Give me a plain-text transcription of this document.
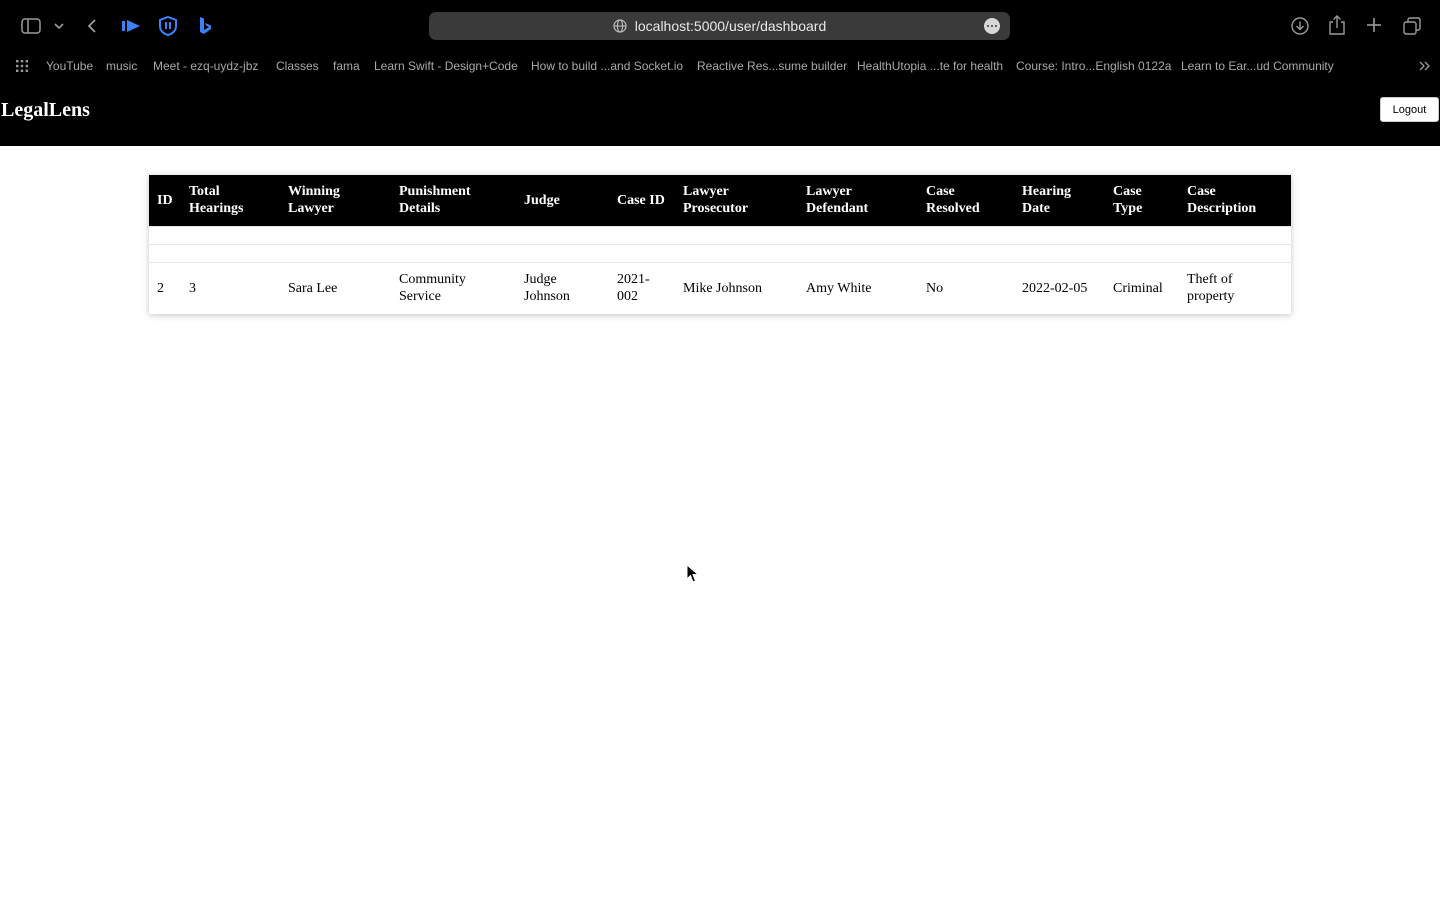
localhost:5000/user/dashboard
YouTube music Meet - ezq-uydz-jbz Classes fama Learn Swift - Design+Code How to build ...and Socket.io Reactive Res...sume builder HealthUtopia ...te for health Course: Intro...English 0122a Learn to Ear...ud Community
LegalLens	Logout
ID	Total Hearings	Winning Lawyer	Punishment Details	Judge	Case ID	Lawyer Prosecutor	Lawyer Defendant	Case Resolved	Hearing Date	Case Type	Case Description

2	3	Sara Lee	Community Service	Judge Johnson	2021-002	Mike Johnson	Amy White	No	2022-02-05	Criminal	Theft of property
